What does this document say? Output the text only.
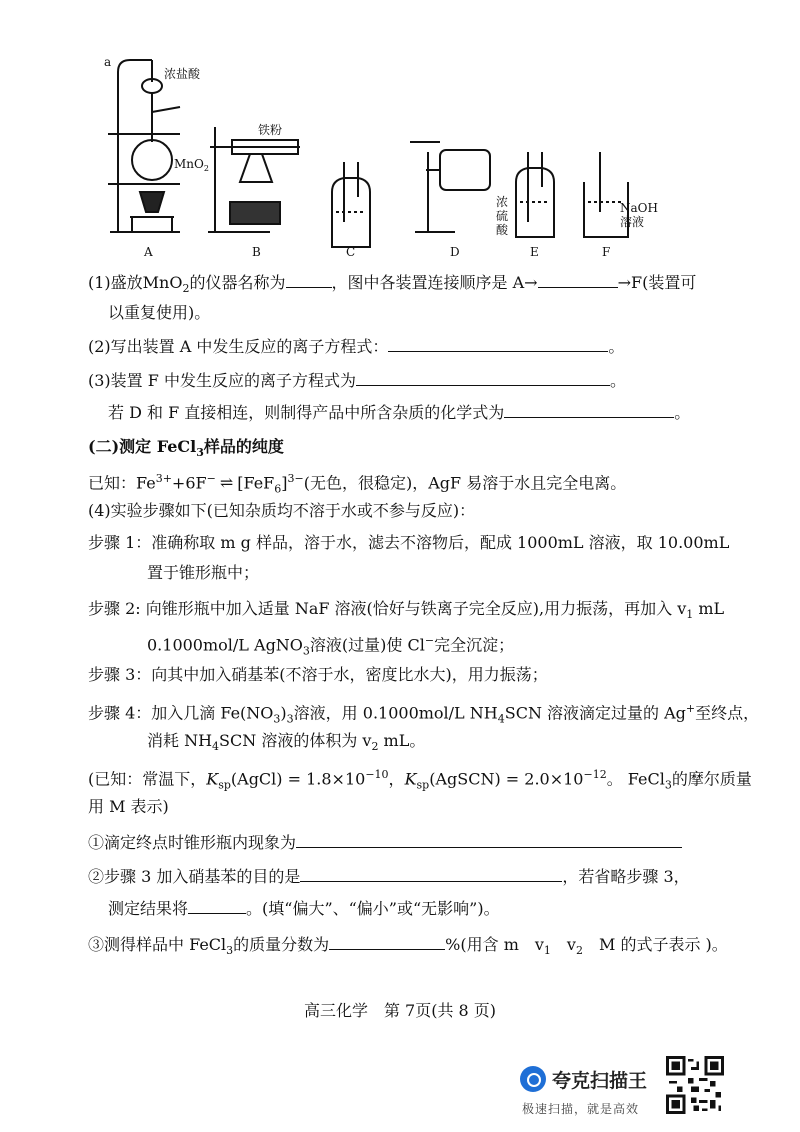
a
浓盐酸
MnO$_2$
铁粉
浓
硫
酸
NaOH
溶液
A	B	C	D	E	F
(1)盛放MnO$_2$的仪器名称为	，图中各装置连接顺序是 A→	→F(装置可
以重复使用)。
(2)写出装置 A 中发生反应的离子方程式：	。
(3)装置 F 中发生反应的离子方程式为	。
若 D 和 F 直接相连，则制得产品中所含杂质的化学式为	。
(二)测定 FeCl$_3$样品的纯度
已知：$Fe^{3+}+6F^-$ ⇌ $[FeF_6]^{3-}$(无色，很稳定)，AgF 易溶于水且完全电离。
(4)实验步骤如下(已知杂质均不溶于水或不参与反应)：
步骤 1：准确称取 m g 样品，溶于水，滤去不溶物后，配成 1000mL 溶液，取 10.00mL
置于锥形瓶中；
步骤 2: 向锥形瓶中加入适量 NaF 溶液(恰好与铁离子完全反应),用力振荡，再加入 $v_1$ mL
0.1000mol/L AgNO$_3$溶液(过量)使 Cl−完全沉淀；
步骤 3：向其中加入硝基苯(不溶于水，密度比水大)，用力振荡；
步骤 4：加入几滴 $Fe(NO_3)_3$溶液，用 0.1000mol/L $NH_4SCN$ 溶液滴定过量的 Ag+至终点，
消耗 $NH_4SCN$ 溶液的体积为 $v_2$ mL。
(已知：常温下，$K_{sp}(AgCl) = 1.8\times 10^{-10}$，$K_{sp}(AgSCN) = 2.0\times 10^{-12}$。 FeCl$_3$的摩尔质量
用 M 表示)
①滴定终点时锥形瓶内现象为
②步骤 3 加入硝基苯的目的是	，若省略步骤 3，
测定结果将	。(填“偏大”、“偏小”或“无影响”)。
③测得样品中 FeCl$_3$的质量分数为	%(用含 m　$v_1$　$v_2$　M 的式子表示 )。
高三化学　第 7页(共 8 页)
夸克扫描王
极速扫描，就是高效
